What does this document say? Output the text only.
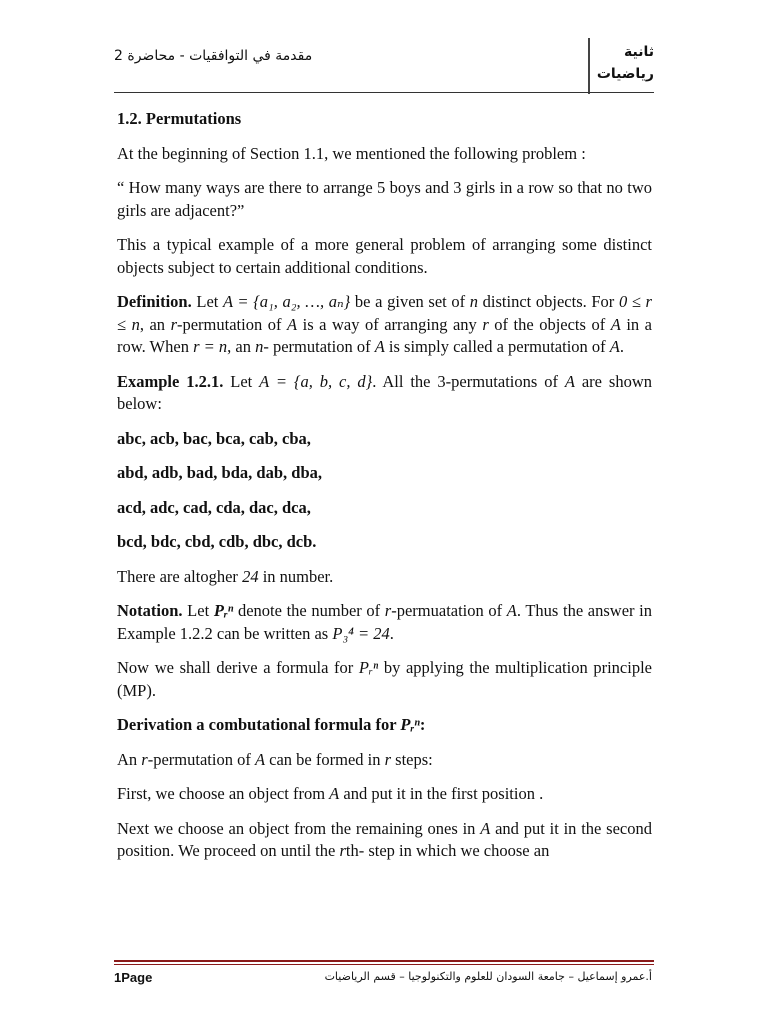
مقدمة في التوافقيات - محاضرة 2	ثانية
رياضيات

1.2. Permutations

At the beginning of Section 1.1, we mentioned the following problem :

“ How many ways are there to arrange 5 boys and 3 girls in a row so that no two girls are adjacent?”

This a typical example of a more general problem of arranging some distinct objects subject to certain additional conditions.

Definition. Let A = {a₁, a₂, …, aₙ} be a given set of n distinct objects. For 0 ≤ r ≤ n, an r-permutation of A is a way of arranging any r of the objects of A in a row. When r = n, an n- permutation of A is simply called a permutation of A.

Example 1.2.1. Let A = {a, b, c, d}. All the 3-permutations of A are shown below:

abc, acb, bac, bca, cab, cba,

abd, adb, bad, bda, dab, dba,

acd, adc, cad, cda, dac, dca,

bcd, bdc, cbd, cdb, dbc, dcb.

There are altogher 24 in number.

Notation. Let Pᵣⁿ denote the number of r-permuatation of A. Thus the answer in Example 1.2.2 can be written as P₃⁴ = 24.

Now we shall derive a formula for Pᵣⁿ by applying the multiplication principle (MP).

Derivation a combutational formula for Pᵣⁿ:

An r-permutation of A can be formed in r steps:

First, we choose an object from A and put it in the first position .

Next we choose an object from the remaining ones in A and put it in the second position. We proceed on until the rth- step in which we choose an

1Page	أ.عمرو إسماعيل – جامعة السودان للعلوم والتكنولوجيا – قسم الرياضيات
